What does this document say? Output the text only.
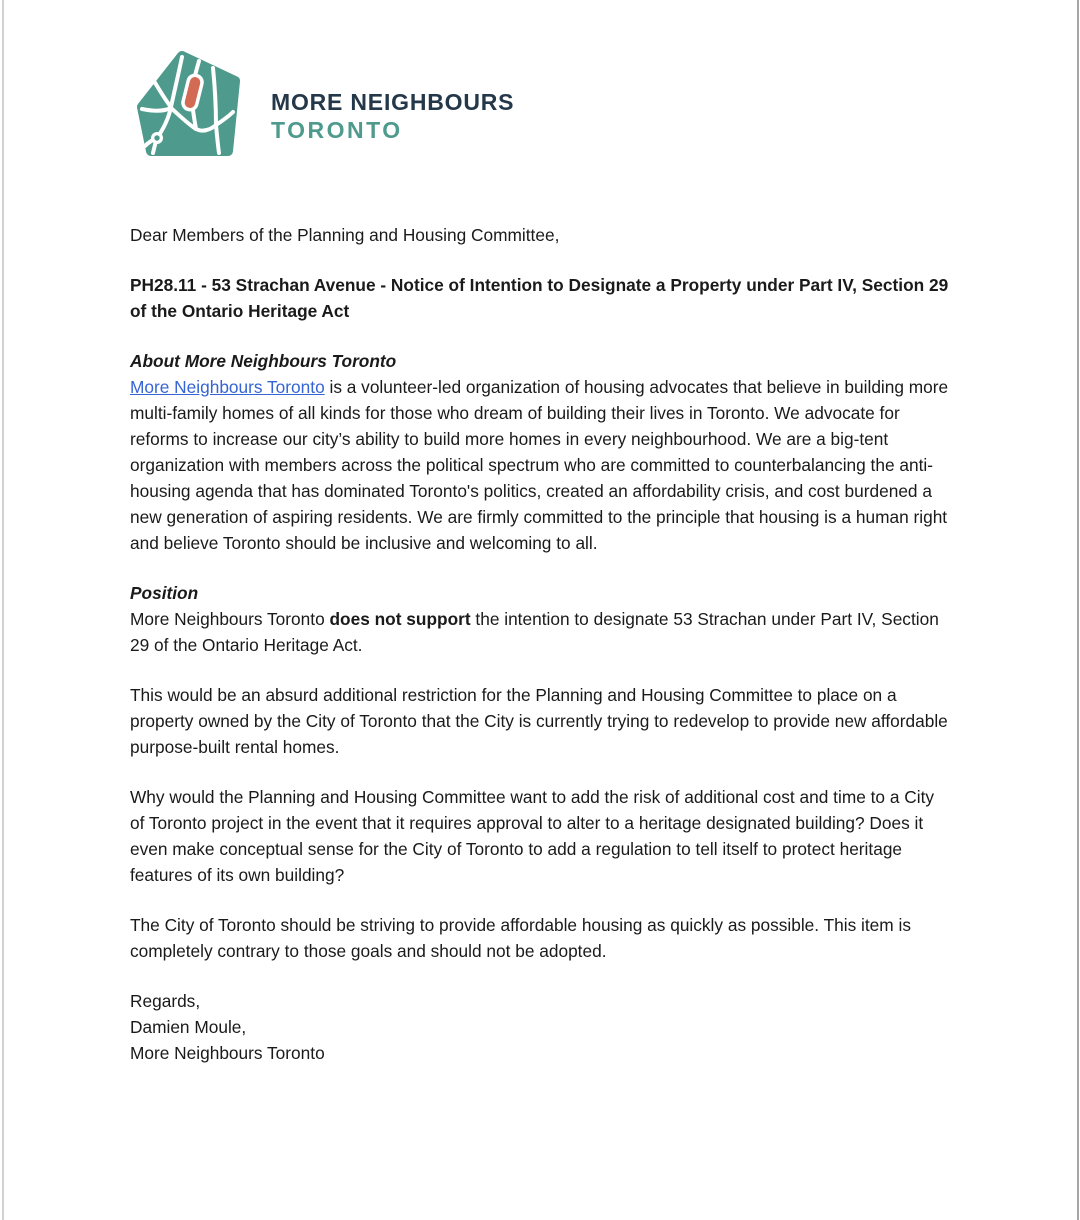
MORE NEIGHBOURS
TORONTO

Dear Members of the Planning and Housing Committee,

PH28.11 - 53 Strachan Avenue - Notice of Intention to Designate a Property under Part IV, Section 29 of the Ontario Heritage Act

About More Neighbours Toronto

More Neighbours Toronto is a volunteer-led organization of housing advocates that believe in building more multi-family homes of all kinds for those who dream of building their lives in Toronto. We advocate for reforms to increase our city’s ability to build more homes in every neighbourhood. We are a big-tent organization with members across the political spectrum who are committed to counterbalancing the anti-housing agenda that has dominated Toronto's politics, created an affordability crisis, and cost burdened a new generation of aspiring residents. We are firmly committed to the principle that housing is a human right and believe Toronto should be inclusive and welcoming to all.

Position

More Neighbours Toronto does not support the intention to designate 53 Strachan under Part IV, Section 29 of the Ontario Heritage Act.

This would be an absurd additional restriction for the Planning and Housing Committee to place on a property owned by the City of Toronto that the City is currently trying to redevelop to provide new affordable purpose-built rental homes.

Why would the Planning and Housing Committee want to add the risk of additional cost and time to a City of Toronto project in the event that it requires approval to alter to a heritage designated building? Does it even make conceptual sense for the City of Toronto to add a regulation to tell itself to protect heritage features of its own building?

The City of Toronto should be striving to provide affordable housing as quickly as possible. This item is completely contrary to those goals and should not be adopted.

Regards,
Damien Moule,
More Neighbours Toronto
